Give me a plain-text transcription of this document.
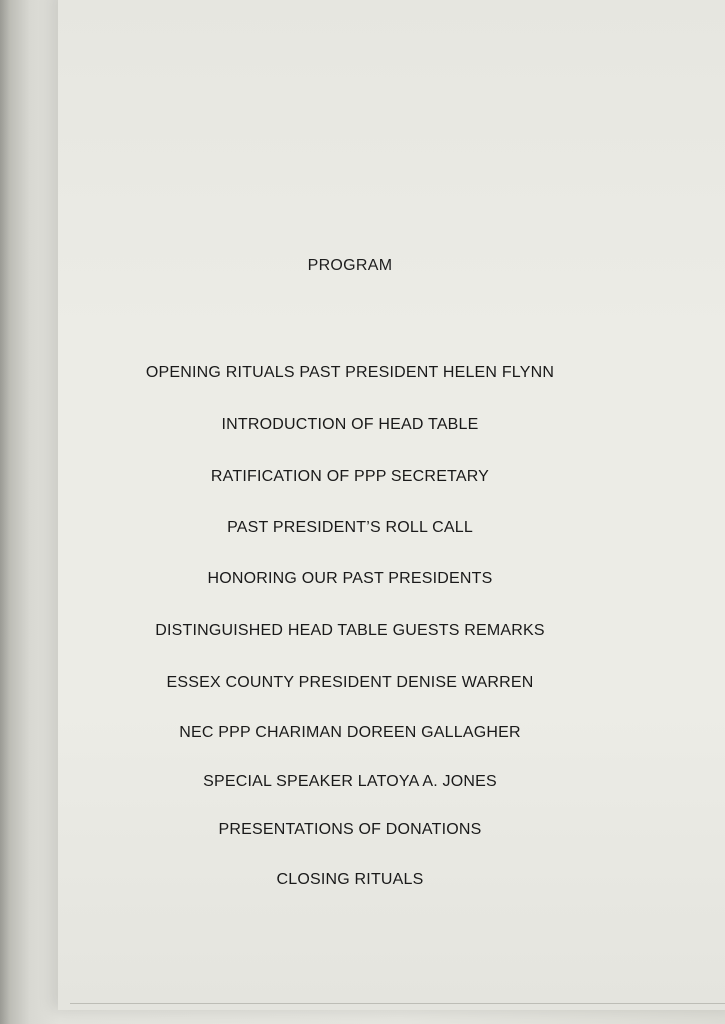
PROGRAM
OPENING RITUALS PAST PRESIDENT HELEN FLYNN
INTRODUCTION OF HEAD TABLE
RATIFICATION OF PPP SECRETARY
PAST PRESIDENT’S ROLL CALL
HONORING OUR PAST PRESIDENTS
DISTINGUISHED HEAD TABLE GUESTS REMARKS
ESSEX COUNTY PRESIDENT DENISE WARREN
NEC PPP CHARIMAN DOREEN GALLAGHER
SPECIAL SPEAKER LATOYA A. JONES
PRESENTATIONS OF DONATIONS
CLOSING RITUALS
